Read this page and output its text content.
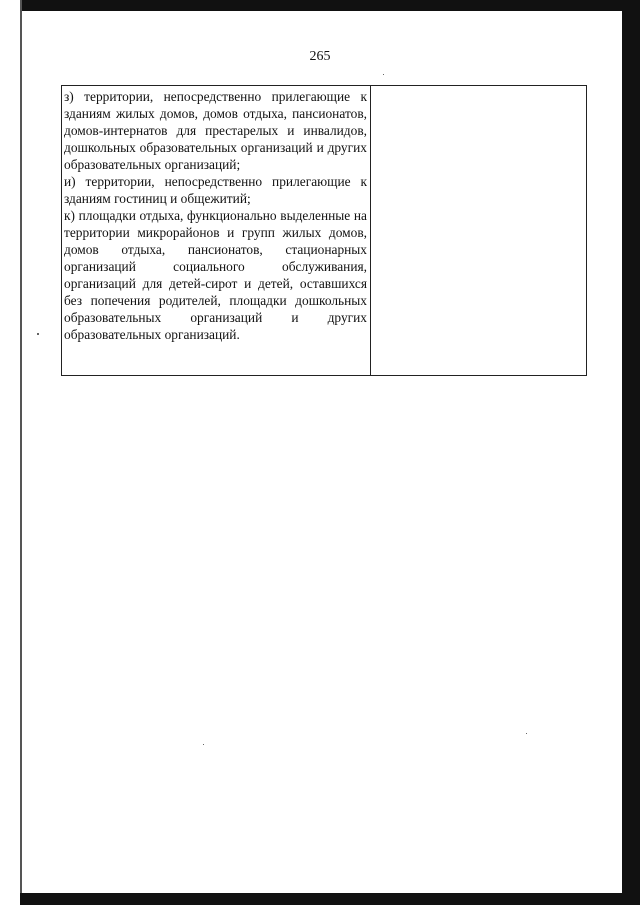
265

з) территории, непосредственно прилегающие к зданиям жилых домов, домов отдыха, пансионатов, домов-интернатов для престарелых и инвалидов, дошкольных образовательных организаций и других образовательных организаций;

и) территории, непосредственно прилегающие к зданиям гостиниц и общежитий;

к) площадки отдыха, функционально выделенные на территории микрорайонов и групп жилых домов, домов отдыха, пансионатов, стационарных организаций социального обслуживания, организаций для детей-сирот и детей, оставшихся без попечения родителей, площадки дошкольных образовательных организаций и других образовательных организаций.
